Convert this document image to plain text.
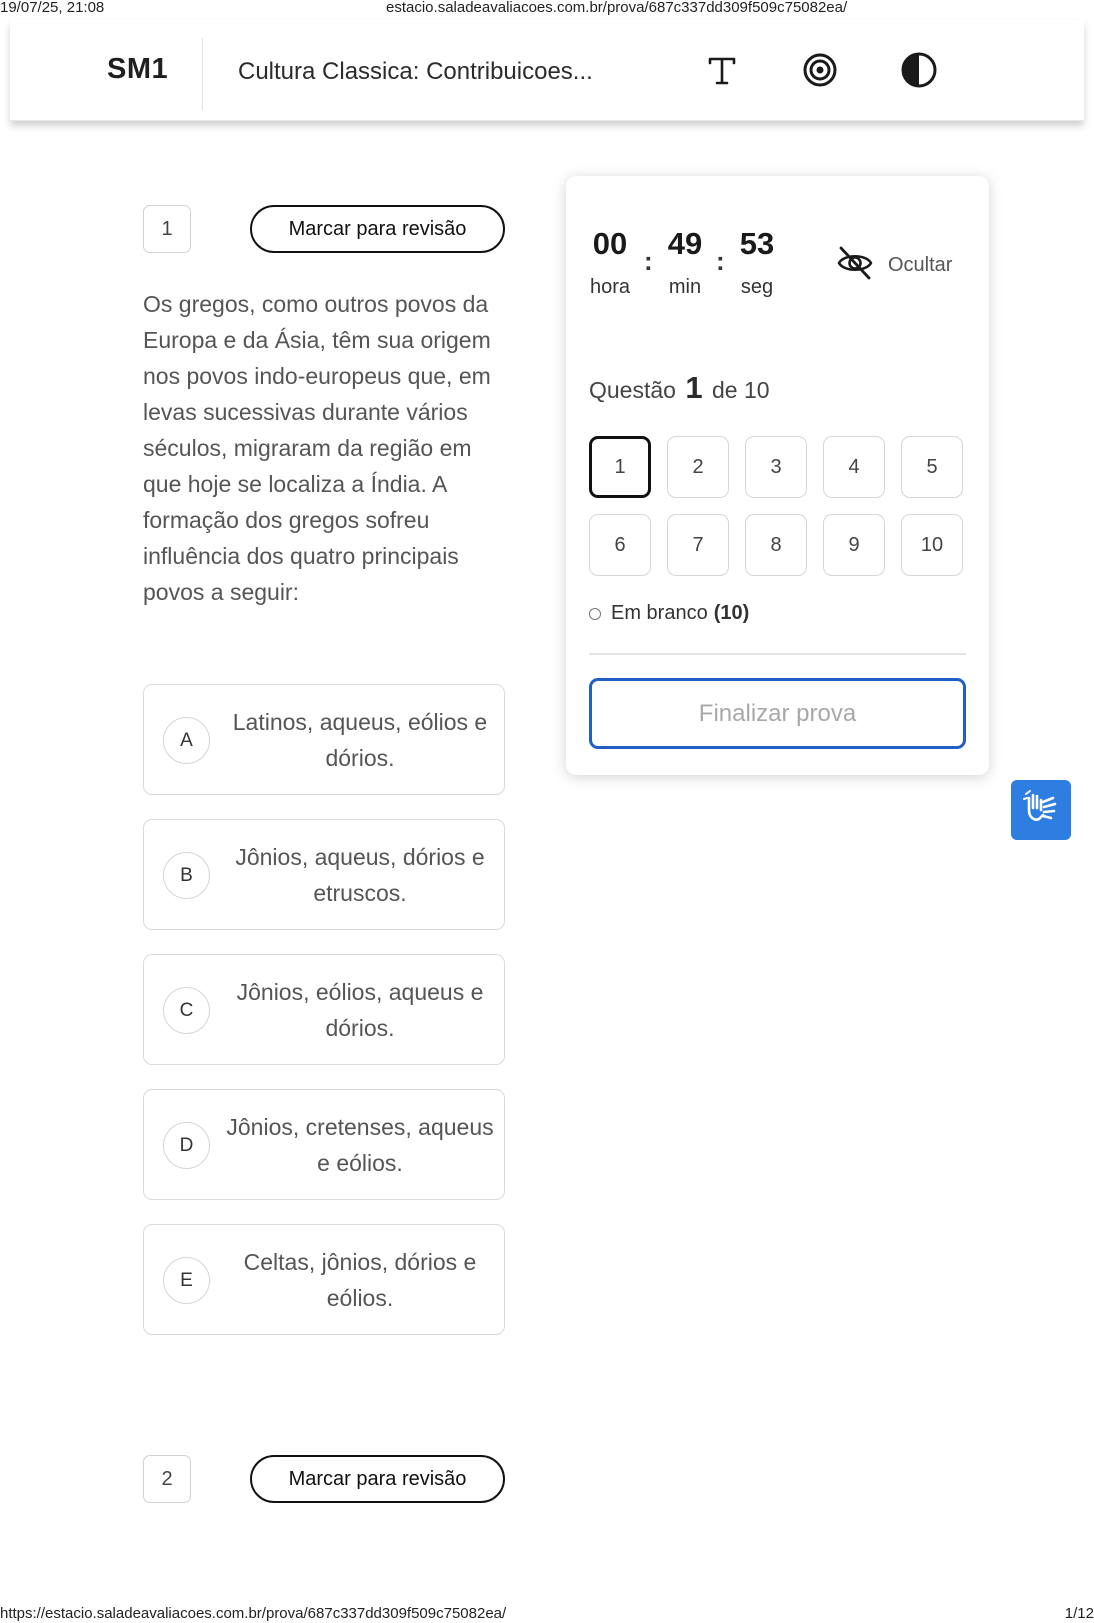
19/07/25, 21:08	estacio.saladeavaliacoes.com.br/prova/687c337dd309f509c75082ea/
SM1	Cultura Classica: Contribuicoes...
1	Marcar para revisão
Os gregos, como outros povos da Europa e da Ásia, têm sua origem nos povos indo-europeus que, em levas sucessivas durante vários séculos, migraram da região em que hoje se localiza a Índia. A formação dos gregos sofreu influência dos quatro principais povos a seguir:
A
Latinos, aqueus, eólios e dórios.
B
Jônios, aqueus, dórios e etruscos.
C
Jônios, eólios, aqueus e dórios.
D
Jônios, cretenses, aqueus e eólios.
E
Celtas, jônios, dórios e eólios.
2	Marcar para revisão
00
hora
: 49
min
: 53
seg
Ocultar
Questão 1 de 10
1	2	3	4	5
6	7	8	9	10
Em branco (10)
Finalizar prova
https://estacio.saladeavaliacoes.com.br/prova/687c337dd309f509c75082ea/	1/12
